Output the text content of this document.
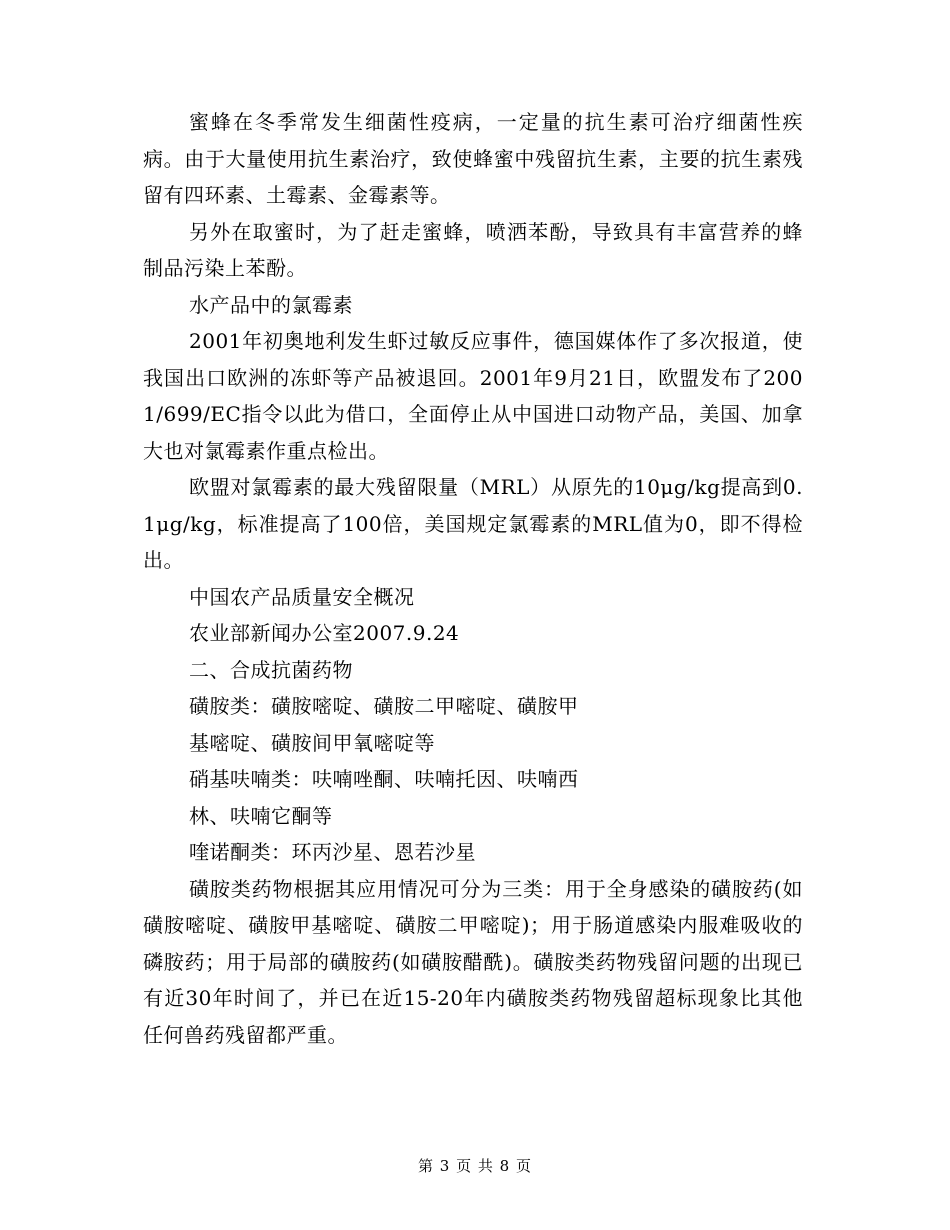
蜜蜂在冬季常发生细菌性疫病，一定量的抗生素可治疗细菌性疾病。由于大量使用抗生素治疗，致使蜂蜜中残留抗生素，主要的抗生素残留有四环素、土霉素、金霉素等。

另外在取蜜时，为了赶走蜜蜂，喷洒苯酚，导致具有丰富营养的蜂制品污染上苯酚。

水产品中的氯霉素

2001年初奥地利发生虾过敏反应事件，德国媒体作了多次报道，使我国出口欧洲的冻虾等产品被退回。2001年9月21日，欧盟发布了2001/699/EC指令以此为借口，全面停止从中国进口动物产品，美国、加拿大也对氯霉素作重点检出。

欧盟对氯霉素的最大残留限量（MRL）从原先的10μg/kg提高到0.1μg/kg，标准提高了100倍，美国规定氯霉素的MRL值为0，即不得检出。

中国农产品质量安全概况

农业部新闻办公室2007.9.24

二、合成抗菌药物

磺胺类：磺胺嘧啶、磺胺二甲嘧啶、磺胺甲

基嘧啶、磺胺间甲氧嘧啶等

硝基呋喃类：呋喃唑酮、呋喃托因、呋喃西

林、呋喃它酮等

喹诺酮类：环丙沙星、恩若沙星

磺胺类药物根据其应用情况可分为三类：用于全身感染的磺胺药(如磺胺嘧啶、磺胺甲基嘧啶、磺胺二甲嘧啶)；用于肠道感染内服难吸收的磷胺药；用于局部的磺胺药(如磺胺醋酰)。磺胺类药物残留问题的出现已有近30年时间了，并已在近15-20年内磺胺类药物残留超标现象比其他任何兽药残留都严重。

第 3 页 共 8 页
